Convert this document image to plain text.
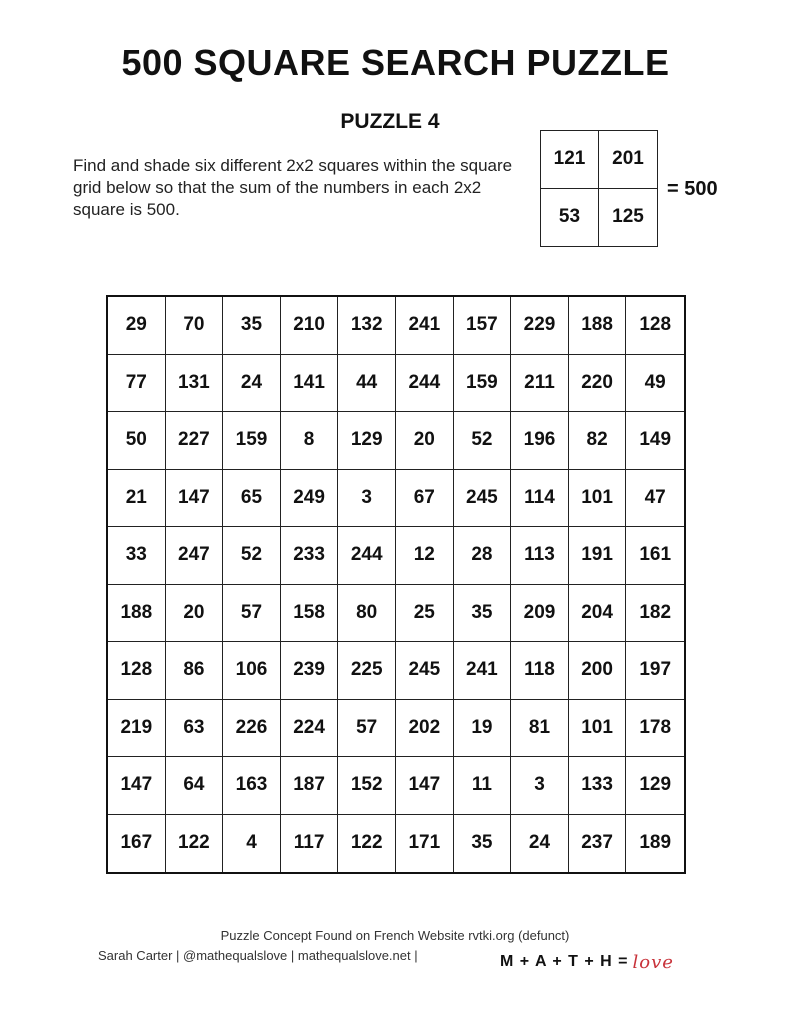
500 SQUARE SEARCH PUZZLE
PUZZLE 4
Find and shade six different 2x2 squares within the square grid below so that the sum of the numbers in each 2x2 square is 500.
121	201
53	125
= 500
29	70	35	210	132	241	157	229	188	128
77	131	24	141	44	244	159	211	220	49
50	227	159	8	129	20	52	196	82	149
21	147	65	249	3	67	245	114	101	47
33	247	52	233	244	12	28	113	191	161
188	20	57	158	80	25	35	209	204	182
128	86	106	239	225	245	241	118	200	197
219	63	226	224	57	202	19	81	101	178
147	64	163	187	152	147	11	3	133	129
167	122	4	117	122	171	35	24	237	189
Puzzle Concept Found on French Website rvtki.org (defunct)
Sarah Carter | @mathequalslove | mathequalslove.net |	M + A + T + H = love
